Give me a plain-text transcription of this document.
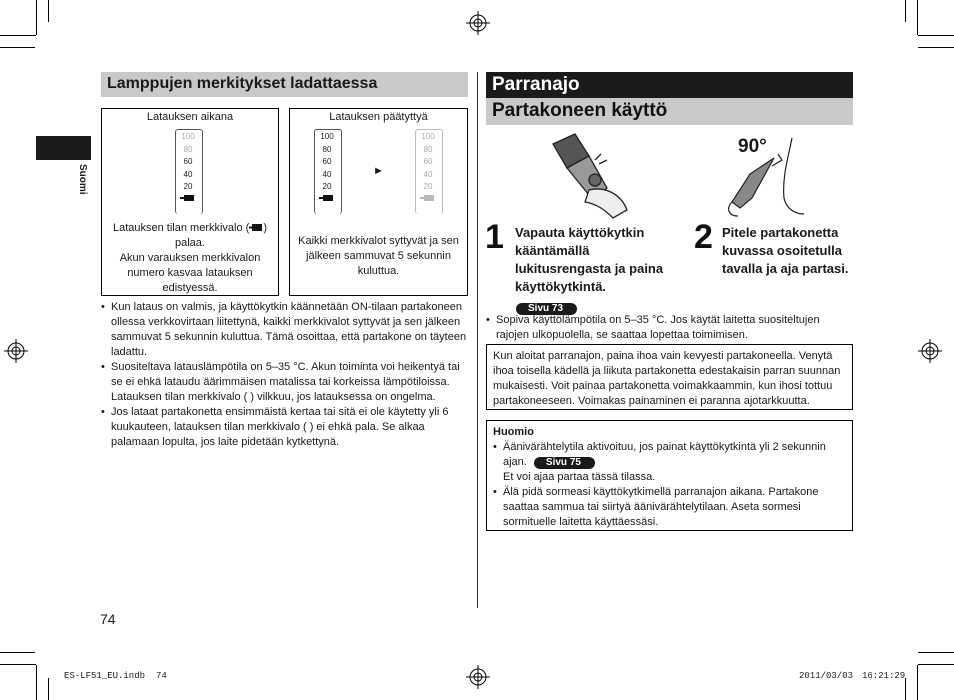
Suomi
Lamppujen merkitykset ladattaessa
Latauksen aikana
100
80
60
40
20
Latauksen tilan merkkivalo ( )
palaa.
Akun varauksen merkkivalon numero kasvaa latauksen edistyessä.
Latauksen päätyttyä
100
80
60
40
20
►
100
80
60
40
20
Kaikki merkkivalot syttyvät ja sen jälkeen sammuvat 5 sekunnin kuluttua.
• Kun lataus on valmis, ja käyttökytkin käännetään ON-tilaan partakoneen ollessa verkkovirtaan liitettynä, kaikki merkkivalot syttyvät ja sen jälkeen sammuvat 5 sekunnin kuluttua. Tämä osoittaa, että partakone on täyteen ladattu.
• Suositeltava latauslämpötila on 5–35 °C. Akun toiminta voi heikentyä tai se ei ehkä lataudu äärimmäisen matalissa tai korkeissa lämpötiloissa. Latauksen tilan merkkivalo ( ) vilkkuu, jos latauksessa on ongelma.
• Jos lataat partakonetta ensimmäistä kertaa tai sitä ei ole käytetty yli 6 kuukauteen, latauksen tilan merkkivalo ( ) ei ehkä pala. Se alkaa palamaan lopulta, jos laite pidetään kytkettynä.
74
Parranajo
Partakoneen käyttö
90°
1 Vapauta käyttökytkin kääntämällä lukitusrengasta ja paina käyttökytkintä.
Sivu 73
2 Pitele partakonetta kuvassa osoitetulla tavalla ja aja partasi.
• Sopiva käyttölämpötila on 5–35 °C. Jos käytät laitetta suositeltujen rajojen ulkopuolella, se saattaa lopettaa toimimisen.
Kun aloitat parranajon, paina ihoa vain kevyesti partakoneella. Venytä ihoa toisella kädellä ja liikuta partakonetta edestakaisin parran suunnan mukaisesti. Voit painaa partakonetta voimakkaammin, kun ihosi tottuu partakoneeseen. Voimakas painaminen ei paranna ajotarkkuutta.
Huomio
• Äänivärähtelytila aktivoituu, jos painat käyttökytkintä yli 2 sekunnin ajan. Sivu 75
Et voi ajaa partaa tässä tilassa.
• Älä pidä sormeasi käyttökytkimellä parranajon aikana. Partakone saattaa sammua tai siirtyä äänivärähtelytilaan. Aseta sormesi sormituelle laitetta käyttäessäsi.
ES-LF51_EU.indb 74	2011/03/03 16:21:29
